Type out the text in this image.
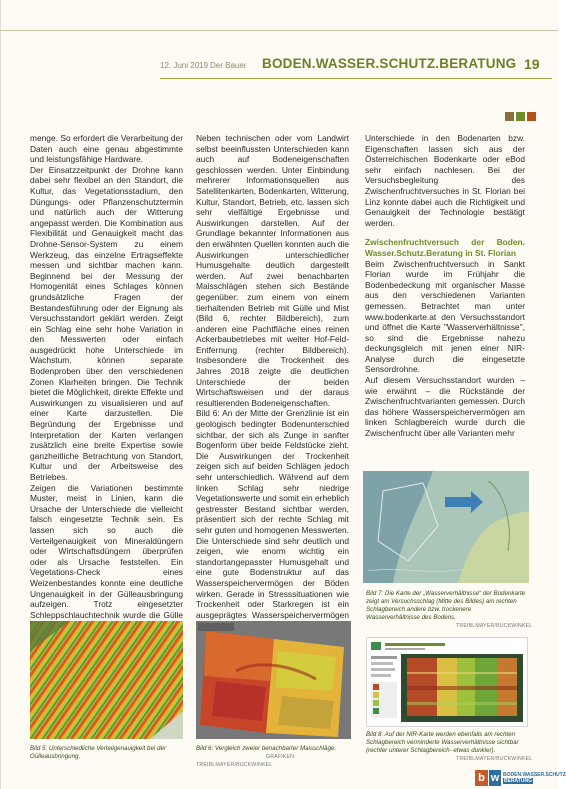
12. Juni 2019 Der Bauer BODEN.WASSER.SCHUTZ.BERATUNG 19

menge. So erfordert die Verarbeitung der Daten auch eine genau abgestimmte und leistungsfähige Hardware.

Der Einsatzzeitpunkt der Drohne kann dabei sehr flexibel an den Standort, die Kultur, das Vegetationsstadium, den Düngungs- oder Pflanzenschutztermin und natürlich auch der Witterung angepasst werden. Die Kombination aus Flexibilität und Genauigkeit macht das Drohne-Sensor-System zu einem Werkzeug, das einzelne Ertragseffekte messen und sichtbar machen kann. Beginnend bei der Messung der Homogenität eines Schlages können grundsätzliche Fragen der Bestandesführung oder der Eignung als Versuchsstandort geklärt werden. Zeigt ein Schlag eine sehr hohe Variation in den Messwerten oder einfach ausgedrückt hohe Unterschiede im Wachstum, können separate Bodenproben über den verschiedenen Zonen Klarheiten bringen. Die Technik bietet die Möglichkeit, direkte Effekte und Auswirkungen zu visualisieren und auf einer Karte darzustellen. Die Begründung der Ergebnisse und Interpretation der Karten verlangen zusätzlich eine breite Expertise sowie ganzheitliche Betrachtung von Standort, Kultur und der Arbeitsweise des Betriebes.

Zeigen die Variationen bestimmte Muster, meist in Linien, kann die Ursache der Unterschiede die vielleicht falsch eingesetzte Technik sein. Es lassen sich so auch die Verteilgenauigkeit von Mineraldüngern oder Wirtschaftsdüngern überprüfen oder als Ursache feststellen. Ein Vegetations-Check eines Weizenbestandes konnte eine deutliche Ungenauigkeit in der Gülleausbringung aufzeigen. Trotz eingesetzter Schleppschlauchtechnik wurde die Gülle

Neben technischen oder vom Landwirt selbst beeinflussten Unterschieden kann auch auf Bodeneigenschaften geschlossen werden. Unter Einbindung mehrerer Informationsquellen aus Satellitenkarten, Bodenkarten, Witterung, Kultur, Standort, Betrieb, etc. lassen sich sehr vielfältige Ergebnisse und Auswirkungen darstellen. Auf der Grundlage bekannter Informationen aus den erwähnten Quellen konnten auch die Auswirkungen unterschiedlicher Humusgehalte deutlich dargestellt werden. Auf zwei benachbarten Maisschlägen stehen sich Bestände gegenüber: zum einem von einem tierhaltenden Betrieb mit Gülle und Mist (Bild 6, rechter Bildbereich), zum anderen eine Pachtfläche eines reinen Ackerbaubetriebes mit weiter Hof-Feld-Entfernung (rechter Bildbereich). Insbesondere die Trockenheit des Jahres 2018 zeigte die deutlichen Unterschiede der beiden Wirtschaftsweisen und der daraus resultierenden Bodeneigenschaften.

Bild 6: An der Mitte der Grenzlinie ist ein geologisch bedingter Bodenunterschied sichtbar, der sich als Zunge in sanfter Bogenform über beide Feldstücke zieht. Die Auswirkungen der Trockenheit zeigen sich auf beiden Schlägen jedoch sehr unterschiedlich. Während auf dem linken Schlag sehr niedrige Vegetationswerte und somit ein erheblich gestresster Bestand sichtbar werden, präsentiert sich der rechte Schlag mit sehr guten und homogenen Messwerten. Die Unterschiede sind sehr deutlich und zeigen, wie enorm wichtig ein standortangepasster Humusgehalt und eine gute Bodenstruktur auf das Wasserspeichervermögen der Böden wirken. Gerade in Stresssituationen wie Trockenheit oder Starkregen ist ein ausgeprägtes Wasserspeichervermögen

Unterschiede in den Bodenarten bzw. Eigenschaften lassen sich aus der Österreichischen Bodenkarte oder eBod sehr einfach nachlesen. Bei der Versuchsbegleitung des Zwischenfruchtversuches in St. Florian bei Linz konnte dabei auch die Richtigkeit und Genauigkeit der Technologie bestätigt werden.

Zwischenfruchtversuch der Boden. Wasser.Schutz.Beratung in St. Florian

Beim Zwischenfruchtversuch in Sankt Florian wurde im Frühjahr die Bodenbedeckung mit organischer Masse aus den verschiedenen Varianten gemessen. Betrachtet man unter www.bodenkarte.at den Versuchsstandort und öffnet die Karte "Wasserverhältnisse", so sind die Ergebnisse nahezu deckungsgleich mit jenen einer NIR-Analyse durch die eingesetzte Sensordrohne.

Auf diesem Versuchsstandort wurden – wie erwähnt – die Rückstände der Zwischenfruchtvarianten gemessen. Durch das höhere Wasserspeichervermögen am linken Schlagbereich wurde durch die Zwischenfrucht über alle Varianten mehr

Bild 7: Die Karte der „Wasserverhältnisse“ der Bodenkarte zeigt am Versuchsschlag (Mitte des Bildes) am rechten Schlagbereich andere bzw. trockenere Wasserverhältnisse des Bodens.
TREIBLMAYER/BUCKWINKEL
Bild 8: Auf der NIR-Karte werden ebenfalls am rechten Schlagbereich verminderte Wasserverhältnisse sichtbar (rechter unterer Schlagbereich- etwas dunkler).
TREIBLMAYER/BUCKWINKEL
Bild 5: Unterschiedliche Verteilgenauigkeit bei der Gülleausbringung.
Bild 6: Vergleich zweier benachbarter Maisschläge.
GRAFIKEN: TREIBLMAYER/BUCKWINKEL
b w BODEN.WASSER.SCHUTZ
BERATUNG
